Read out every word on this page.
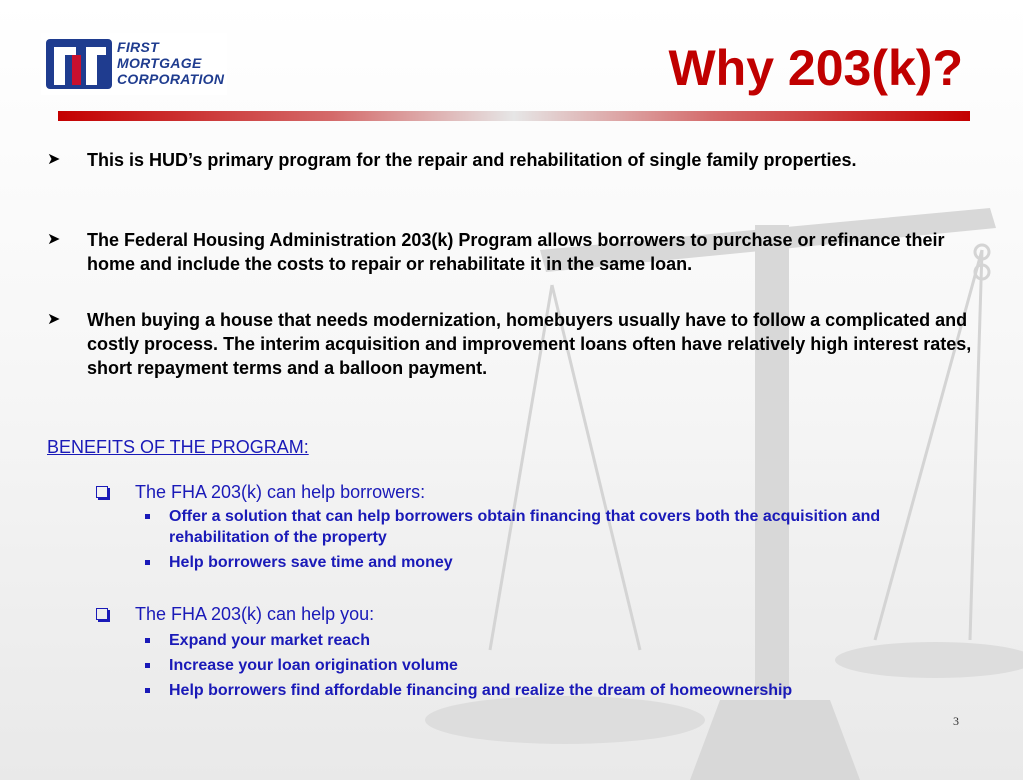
FIRST
MORTGAGE
CORPORATION	Why 203(k)?
➤ This is HUD’s primary program for the repair and rehabilitation of single family properties.
➤ The Federal Housing Administration 203(k) Program allows borrowers to purchase or refinance their home and include the costs to repair or rehabilitate it in the same loan.
➤ When buying a house that needs modernization, homebuyers usually have to follow a complicated and costly process. The interim acquisition and improvement loans often have relatively high interest rates, short repayment terms and a balloon payment.
BENEFITS OF THE PROGRAM:
The FHA 203(k) can help borrowers:
Offer a solution that can help borrowers obtain financing that covers both the acquisition and rehabilitation of the property
Help borrowers save time and money
The FHA 203(k) can help you:
Expand your market reach
Increase your loan origination volume
Help borrowers find affordable financing and realize the dream of homeownership
3
